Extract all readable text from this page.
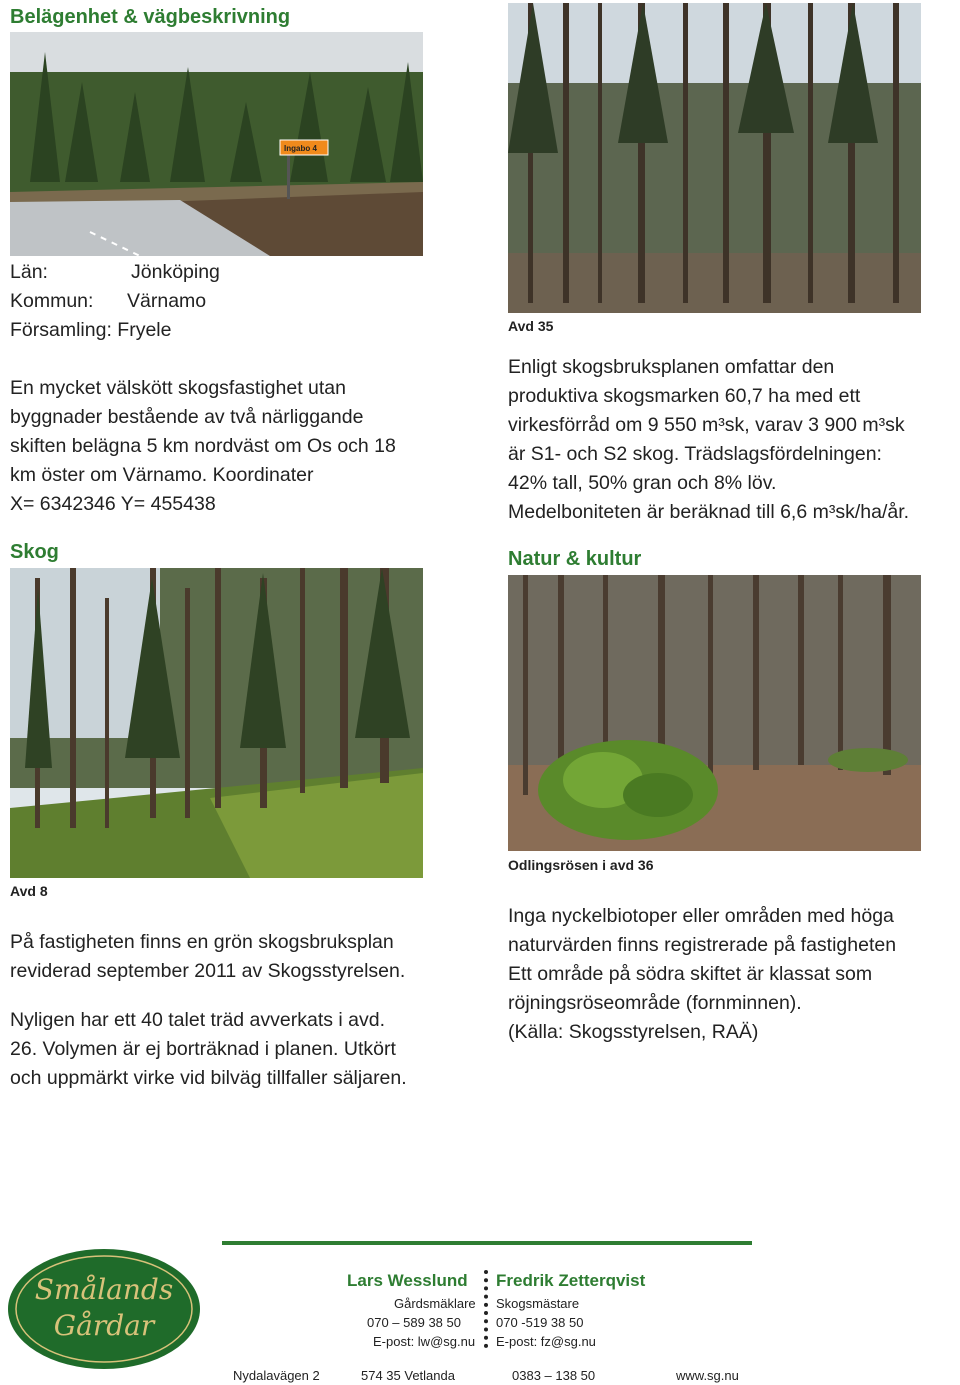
Belägenhet & vägbeskrivning
Ingabo 4
Län:	Jönköping
Kommun: Värnamo
Församling: Fryele
En mycket välskött skogsfastighet utan
byggnader bestående av två närliggande
skiften belägna 5 km nordväst om Os och 18
km öster om Värnamo. Koordinater
X= 6342346 Y= 455438
Skog
Avd 8
På fastigheten finns en grön skogsbruksplan
reviderad september 2011 av Skogsstyrelsen.
Nyligen har ett 40 talet träd avverkats i avd.
26. Volymen är ej borträknad i planen. Utkört
och uppmärkt virke vid bilväg tillfaller säljaren.
Avd 35
Enligt skogsbruksplanen omfattar den
produktiva skogsmarken 60,7 ha med ett
virkesförråd om 9 550 m³sk, varav 3 900 m³sk
är S1- och S2 skog. Trädslagsfördelningen:
42% tall, 50% gran och 8% löv.
Medelboniteten är beräknad till 6,6 m³sk/ha/år.
Natur & kultur
Odlingsrösen i avd 36
Inga nyckelbiotoper eller områden med höga
naturvärden finns registrerade på fastigheten
Ett område på södra skiftet är klassat som
röjningsröseområde (fornminnen).
(Källa: Skogsstyrelsen, RAÄ)
Smålands
Gårdar
Lars Wesslund
Gårdsmäklare
070 – 589 38 50
E-post: lw@sg.nu
Fredrik Zetterqvist
Skogsmästare
070 -519 38 50
E-post: fz@sg.nu
Nydalavägen 2	574 35 Vetlanda	0383 – 138 50	www.sg.nu
